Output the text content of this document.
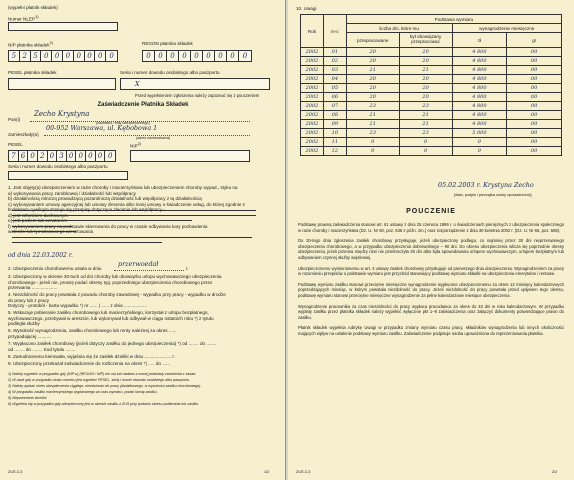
(wypełni płatnik składek)
Numer NLEP$^{1)}$
NIP płatnika składek$^{2)}$	REGON płatnika składek
5 2 5 0 0 0 0 0 0 0	0	0	0	0	0	0	0	0	0
PESEL płatnika składek	Seria i numer dowodu osobistego albo paszportu
X
Przed wypełnieniem zgłoszenia należy zapoznać się z pouczeniem
Zaświadczenie Płatnika Składek
Pan(i)
Zecho Krystyna
(nazwisko i imię ubezpieczonego)
zamieszkały(a)
00-952 Warszawa, ul. Kębobowa 1
(adres zamieszkania)
PESEL	NIP$^{2)}$
7 6 0 2 0 3 0 0 0 0 0
Seria i numer dowodu osobistego albo paszportu
1. Jest objęty(a) ubezpieczeniem w razie choroby i macierzyństwa lub ubezpieczeniem choroby wypad., styku na
a) wykonywania pracy zarobkowej / działalność lub współpracy
b) działalnością rolniczą prowadzącą pozarolniczą działalność lub współpracy z tą działalnością
c) wykonywaniem umowy agencyjnej lub umowy zlecenia albo innej umowy o świadczenie usług, do której zgodnie z
kodeksem cywilnym stosuje się przepisy dotyczące zlecenia lub współpracy -
d) jest członkiem duchownym -
e) jest posłem lub senatorem -
f) wykonywaniem pracy na podstawie skierowania do pracy w czasie odbywania kary pozbawienia
wolności lub tymczasowego aresztowania
od dnia 22.03.2002 r.
2. Ubezpieczeniu chorobowemu ustala w dniu
przerwoedał
r.
3. Ubezpieczony w okresie 30-tuch od dni choroby lub obowiązku urlopu wychowawczego ubezpieczenia
chorobowego - jeżeli nie, proszę podać okresy tyg. poprzedniego ubezpieczenia chorobowego przez
przerwania ....................
4. Niezdolność do pracy powstała z powodu choroby zawodowej - wypadku przy pracy - wypadku w drodze
do pracy lub z pracy
Dotyczy - protokół - karta wypadku *) nr ...... ) ...... z dnia ..................
5. Wskazuje pobieranie zasiłku chorobowego lub macierzyńskiego, korzystał z urlopu bezpłatnego,
wychowawczego, przebywał w areszcie, lub wykonywał lub odbywał w ciągu ostatnich roku *) z tytułu
podległa służby
6. Wysokość wynagrodzenia, zasiłku chorobowego lub renty należnej za okres ......
przypadającej ...........
7. Wypłacono zasiłek chorobowy (jeżeli dotyczy zasiłku do jednego ubezpieczenia) *) od ........ do ........
od ........ do ........ Kod tytułu ........
8. Zatrudnionemu kierowała, wyjaśnia się że zasiłek dzieliki w dniu ..................... r.
9. Ubezpieczony przekazał zaświadczenie do rozliczenia na okres *) ..... do ......
1) Należy wypełnić w przypadku gdy (NIP-u) (REGON / NIP) nie ma lub nadano z nowej podstawy zwolnienia z zasad.
2) W razie gdy w przypadku braku numeru jest wypełnić PESEL, serię i numer dowodu osobistego albo paszportu.
3) Należy wpisać okres ubezpieczenia ciągłego, niezdolnośc do pracy (dodatkowego, w wysokości zasiłku chorobowego).
4) W przypadku zasiłku macierzyńskiego wypłacanego za czas wymiaru, podać kwotę zasiłku.
5) Niepotrzebne skreślić.
6) Wypełnia się w przypadku gdy ubezpieczony jest w okresie zasiłku z ZUS przy podaniu okresu pobierania lub zasiłku.
ZUS Z-3	1/2
10. Uwagi
Rok	m-c	Podstawa wymiaru			
		liczba dni, które mu		wynagrodzenie miesięczne	
		przepracowane	był obowiązany przepracować	zł	gr
2002	01	20	20	4 800	00
2002	02	20	20	4 800	00
2002	03	21	21	4 800	00
2002	04	20	20	4 800	00
2002	05	20	20	4 800	00
2002	06	20	20	4 800	00
2002	07	23	23	4 800	00
2002	08	21	21	4 800	00
2002	09	21	21	4 800	00
2002	10	23	23	5 000	00
2002	11	0	0	0	00
2002	12	0	0	0	00
05.02.2003 r. Krystyna Zecho
(data, podpis i pieczątka osoby upoważnionej)
POUCZENIE
Podstawę prawną zaświadczenia stanowi art. 61 ustawy z dnia 25 czerwca 1999 r. o świadczeniach pieniężnych z ubezpieczenia społecznego w razie choroby i macierzyństwa (Dz. U. Nr 60, poz. 636 z późn. zm.) oraz rozporządzenie z dnia 30 kwietnia 2002 r. (Dz. U. Nr 65, poz. 589).
Do 30-tego dnia zgłoszenia zasiłek chorobowy przysługuje, jeżeli ubezpieczony podlega, co najmniej przez 30 dni nieprzerwanego ubezpieczenia chorobowego, a w przypadku ubezpieczenia dobrowolnego – 90 dni. Do okresu ubezpieczenia wlicza się poprzednie okresy ubezpieczenia, jeżeli przerwa między nimi nie przekroczyła 30 dni albo była spowodowana urlopem wychowawczym, urlopem bezpłatnym lub odbywaniem czynnej służby wojskowej.
Ubezpieczonemu wymienionemu w art. 4 ustawy zasiłek chorobowy przysługuje od pierwszego dnia ubezpieczenia. Wynagrodzeniem za pracę w rozumieniu przepisów o podstawie wymiaru jest przychód stanowiący podstawę wymiaru składki na ubezpieczenia emerytalne i rentowe.
Podstawę wymiaru zasiłku stanowi przeciętne miesięczne wynagrodzenie wypłacone ubezpieczonemu za okres 12 miesięcy kalendarzowych poprzedzających miesiąc, w którym powstała niezdolność do pracy. Jeżeli niezdolność do pracy powstała przed upływem tego okresu, podstawę wymiaru stanowi przeciętne miesięczne wynagrodzenie za pełne kalendarzowe miesiące ubezpieczenia.
Wynagrodzenie pracownika za czas niezdolności do pracy wypłaca pracodawca za okres do 33 dni w roku kalendarzowym. W przypadku wypłaty zasiłku przez płatnika składek należy wypełnić wyłącznie pkt 1–9 zaświadczenia oraz załączyć dokumenty potwierdzające prawo do zasiłku.
Płatnik składek wypełnia rubrykę Uwagi w przypadku zmiany wymiaru czasu pracy, składników wynagrodzenia lub innych okoliczności mających wpływ na ustalenie podstawy wymiaru zasiłku. Zaświadczenie podpisuje osoba upoważniona do reprezentowania płatnika.
ZUS Z-3	2/2
